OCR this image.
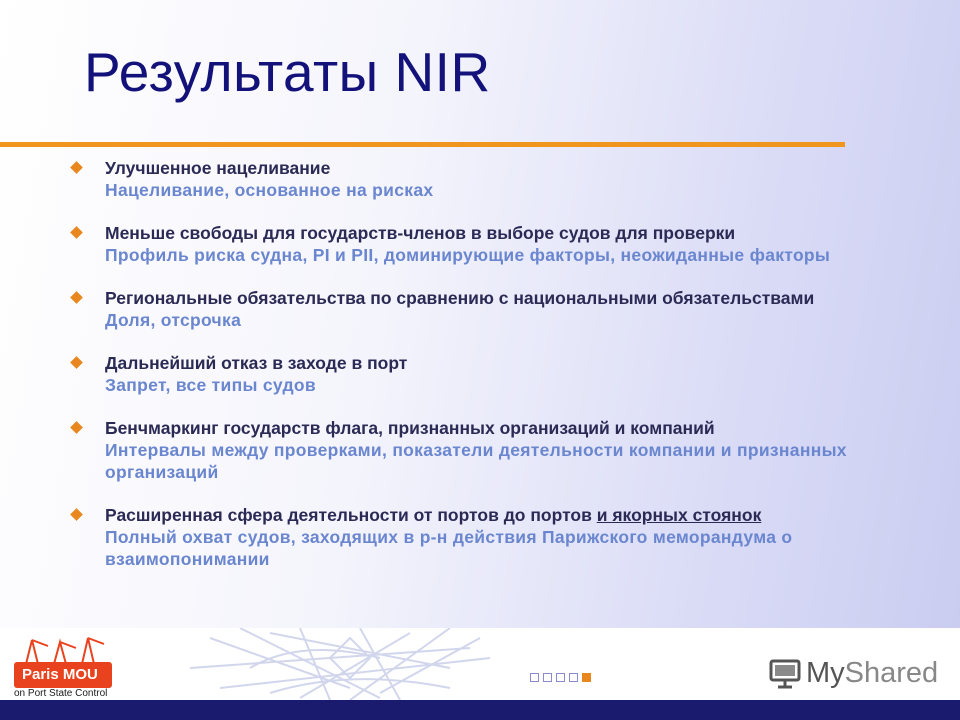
Результаты NIR
Улучшенное нацеливание
Нацеливание, основанное на рисках
Меньше свободы для государств-членов в выборе судов для проверки
Профиль риска судна, PI и PII, доминирующие факторы, неожиданные факторы
Региональные обязательства по сравнению с национальными обязательствами
Доля, отсрочка
Дальнейший отказ в заходе в порт
Запрет, все типы судов
Бенчмаркинг государств флага, признанных организаций и компаний
Интервалы между проверками, показатели деятельности компании и признанных организаций
Расширенная сфера деятельности от портов до портов и якорных стоянок
Полный охват судов, заходящих в р-н действия Парижского меморандума о взаимопонимании
Paris MOU
on Port State Control
MyShared
